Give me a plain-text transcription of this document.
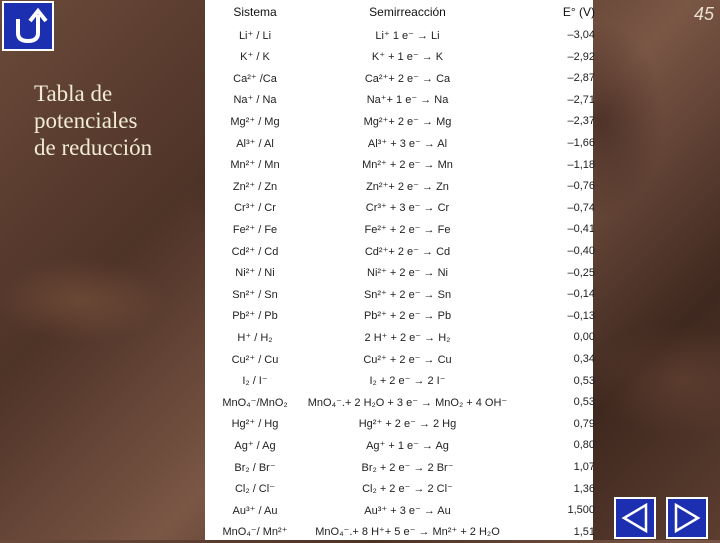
Tabla de
potenciales
de reducción
45
Sistema	Semirreacción	E° (V)
Li⁺ / Li	Li⁺ 1 e⁻ → Li	–3,04
K⁺ / K	K⁺ + 1 e⁻ → K	–2,92
Ca²⁺ /Ca	Ca²⁺+ 2 e⁻ → Ca	–2,87
Na⁺ / Na	Na⁺+ 1 e⁻ → Na	–2,71
Mg²⁺ / Mg	Mg²⁺+ 2 e⁻ → Mg	–2,37
Al³⁺ / Al	Al³⁺ + 3 e⁻ → Al	–1,66
Mn²⁺ / Mn	Mn²⁺ + 2 e⁻ → Mn	–1,18
Zn²⁺ / Zn	Zn²⁺+ 2 e⁻ → Zn	–0,76
Cr³⁺ / Cr	Cr³⁺ + 3 e⁻ → Cr	–0,74
Fe²⁺ / Fe	Fe²⁺ + 2 e⁻ → Fe	–0,41
Cd²⁺ / Cd	Cd²⁺+ 2 e⁻ → Cd	–0,40
Ni²⁺ / Ni	Ni²⁺ + 2 e⁻ → Ni	–0,25
Sn²⁺ / Sn	Sn²⁺ + 2 e⁻ → Sn	–0,14
Pb²⁺ / Pb	Pb²⁺ + 2 e⁻ → Pb	–0,13
H⁺ / H₂	2 H⁺ + 2 e⁻ → H₂	0,00
Cu²⁺ / Cu	Cu²⁺ + 2 e⁻ → Cu	0,34
I₂ / I⁻	I₂ + 2 e⁻ → 2 I⁻	0,53
MnO₄⁻/MnO₂	MnO₄⁻.+ 2 H₂O + 3 e⁻ → MnO₂ + 4 OH⁻	0,53
Hg²⁺ / Hg	Hg²⁺ + 2 e⁻ → 2 Hg	0,79
Ag⁺ / Ag	Ag⁺ + 1 e⁻ → Ag	0,80
Br₂ / Br⁻	Br₂ + 2 e⁻ → 2 Br⁻	1,07
Cl₂ / Cl⁻	Cl₂ + 2 e⁻ → 2 Cl⁻	1,36
Au³⁺ / Au	Au³⁺ + 3 e⁻ → Au	1,500
MnO₄⁻/ Mn²⁺	MnO₄⁻.+ 8 H⁺+ 5 e⁻ → Mn²⁺ + 2 H₂O	1,51
